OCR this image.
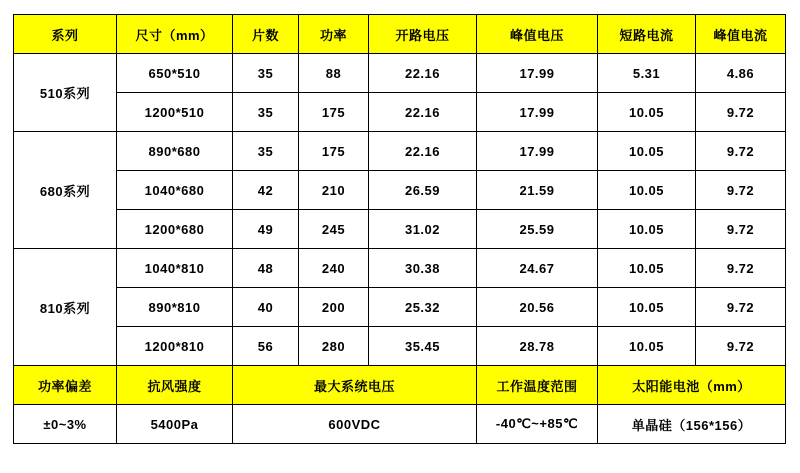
系列	尺寸（mm）	片数	功率	开路电压	峰值电压	短路电流	峰值电流
510系列	650*510	35	88	22.16	17.99	5.31	4.86
	1200*510	35	175	22.16	17.99	10.05	9.72
680系列	890*680	35	175	22.16	17.99	10.05	9.72
	1040*680	42	210	26.59	21.59	10.05	9.72
	1200*680	49	245	31.02	25.59	10.05	9.72
810系列	1040*810	48	240	30.38	24.67	10.05	9.72
	890*810	40	200	25.32	20.56	10.05	9.72
	1200*810	56	280	35.45	28.78	10.05	9.72
功率偏差	抗风强度	最大系统电压			工作温度范围	太阳能电池（mm）	
±0~3%	5400Pa	600VDC			-40℃~+85℃	单晶硅（156*156）	
